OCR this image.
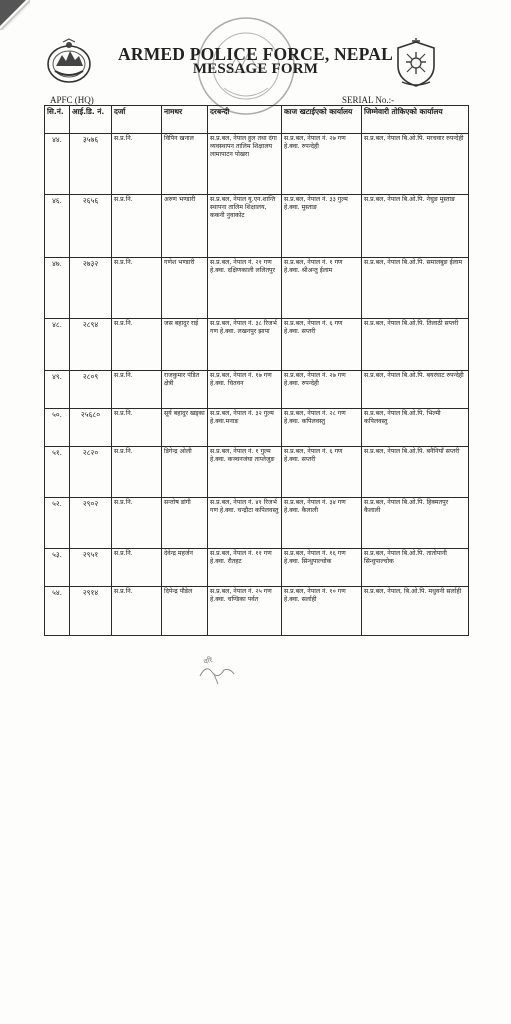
ARMED POLICE FORCE, NEPAL
MESSAGE FORM
APFC (HQ)	SERIAL No.:-
सि.नं.	आई.डि. नं.	दर्जा	नामथर	दरबन्दी	काज खटाईएको कार्यालय	जिम्मेवारी तोकिएको कार्यालय
४४.	३५७६	स.प्र.नि.	विपिन खनाल	स.प्र.बल, नेपाल हुल तथा दंगा व्यवस्थापन तालिम शिक्षालय लामापाटन पोखरा	स.प्र.बल, नेपाल नं. २७ गण हे.क्वा. रुपन्देही	स.प्र.बल, नेपाल बि.ओ.पि. मरचवार रुपन्देही
४६.	२६५६	स.प्र.नि.	अरुण भण्डारी	स.प्र.बल, नेपाल यु.एन.शान्ति स्थापना तालिम शिक्षालय, ककनी नुवाकोट	स.प्र.बल, नेपाल नं. ३३ गुल्म हे.क्वा. मुस्ताङ	स.प्र.बल, नेपाल बि.ओ.पि. नेचुङ मुस्ताङ
४७.	२७३२	स.प्र.नि.	गणेश भण्डारी	स.प्र.बल, नेपाल नं. २१ गण हे.क्वा. दक्षिणकाली ललितपुर	स.प्र.बल, नेपाल नं. १ गण हे.क्वा. श्रीअन्तु ईलाम	स.प्र.बल, नेपाल बि.ओ.पि. समालबुङ ईलाम
४८.	२८९४	स.प्र.नि.	जस बहादुर राई	स.प्र.बल, नेपाल नं. ३८ रिजर्भ गण हे.क्वा. लखनपुर झापा	स.प्र.बल, नेपाल नं. ६ गण हे.क्वा. सप्तरी	स.प्र.बल, नेपाल बि.ओ.पि. तिलाठी सप्तरी
४९.	२८०९	स.प्र.नि.	राजकुमार पंडित क्षेत्री	स.प्र.बल, नेपाल नं. १७ गण हे.क्वा. चितवन	स.प्र.बल, नेपाल नं. २७ गण हे.क्वा. रुपन्देही	स.प्र.बल, नेपाल बि.ओ.पि. बयरघाट रुपन्देही
५०.	२५६८०	स.प्र.नि.	सूर्य बहादुर खड्का	स.प्र.बल, नेपाल नं. ३२ गुल्म हे.क्वा.मनाङ	स.प्र.बल, नेपाल नं. २८ गण हे.क्वा. कपिलवस्तु	स.प्र.बल, नेपाल बि.ओ.पि. भिल्मी कपिलवस्तु
५१.	२८२०	स.प्र.नि.	डिगेन्द्र ओली	स.प्र.बल, नेपाल नं. १ गुल्म हे.क्वा. कञ्चनजंघा ताप्लेजुङ	स.प्र.बल, नेपाल नं. ६ गण हे.क्वा. सप्तरी	स.प्र.बल, नेपाल बि.ओ.पि. बनैनियाँ सप्तरी
५२.	२९०२	स.प्र.नि.	सन्तोष डांगी	स.प्र.बल, नेपाल नं. ४१ रिजर्भ गण हे.क्वा. चन्द्रौटा कपिलवस्तु	स.प्र.बल, नेपाल नं. ३४ गण हे.क्वा. कैलाली	स.प्र.बल, नेपाल बि.ओ.पि. हिक्मतपुर कैलाली
५३.	२९५१	स.प्र.नि.	देवेन्द्र महर्जन	स.प्र.बल, नेपाल नं. ११ गण हे.क्वा. रौतहट	स.प्र.बल, नेपाल नं. १६ गण हे.क्वा. सिन्धुपाल्चोक	स.प्र.बल, नेपाल बि.ओ.पि. तातोपानी सिन्धुपाल्चोक
५४.	२९१४	स.प्र.नि.	दिपेन्द्र पौडेल	स.प्र.बल, नेपाल नं. २५ गण हे.क्वा. चण्डिका पर्वत	स.प्र.बल, नेपाल नं. १० गण हे.क्वा. सर्लाही	स.प्र.बल, नेपाल, बि.ओ.पि. मधुवनी सर्लाही
वरि
